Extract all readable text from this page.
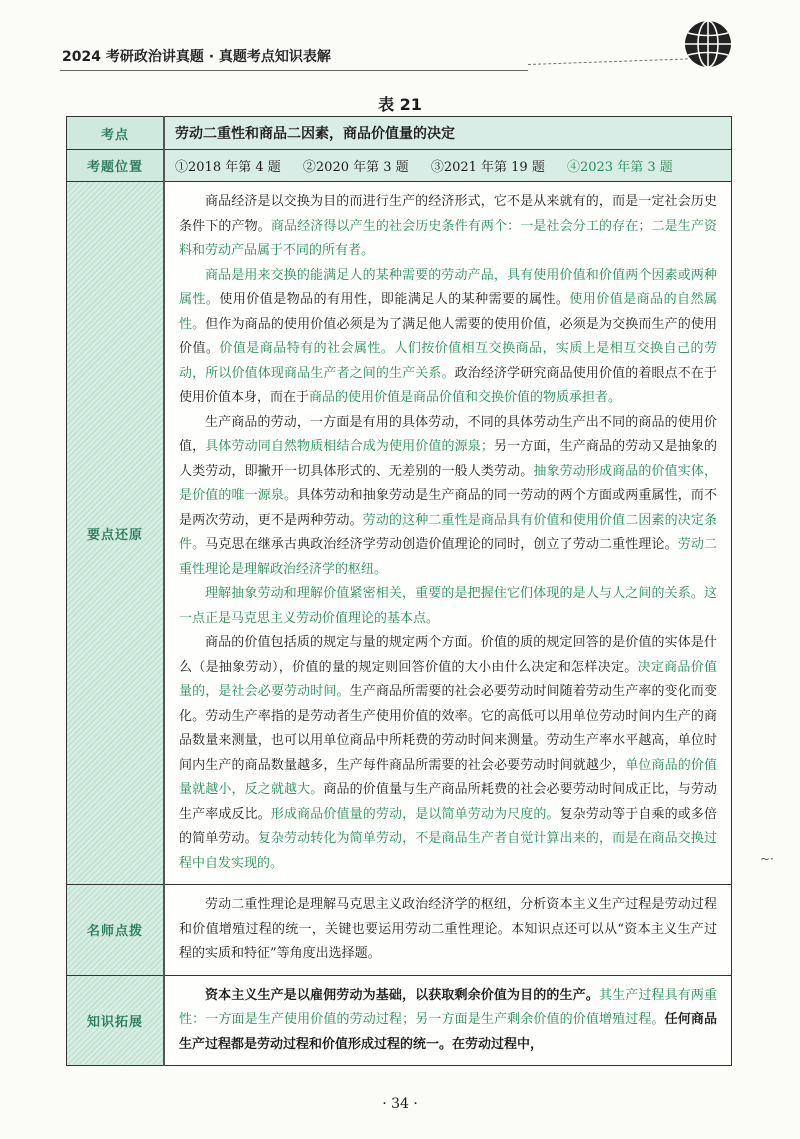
2024 考研政治讲真题 · 真题考点知识表解
表 21
考点	劳动二重性和商品二因素，商品价值量的决定
考题位置	①2018 年第 4 题 ②2020 年第 3 题 ③2021 年第 19 题 ④2023 年第 3 题
要点还原	商品经济是以交换为目的而进行生产的经济形式，它不是从来就有的，而是一定社会历史条件下的产物。商品经济得以产生的社会历史条件有两个：一是社会分工的存在；二是生产资料和劳动产品属于不同的所有者。

商品是用来交换的能满足人的某种需要的劳动产品，具有使用价值和价值两个因素或两种属性。使用价值是物品的有用性，即能满足人的某种需要的属性。使用价值是商品的自然属性。但作为商品的使用价值必须是为了满足他人需要的使用价值，必须是为交换而生产的使用价值。价值是商品特有的社会属性。人们按价值相互交换商品，实质上是相互交换自己的劳动，所以价值体现商品生产者之间的生产关系。政治经济学研究商品使用价值的着眼点不在于使用价值本身，而在于商品的使用价值是商品价值和交换价值的物质承担者。

生产商品的劳动，一方面是有用的具体劳动，不同的具体劳动生产出不同的商品的使用价值，具体劳动同自然物质相结合成为使用价值的源泉；另一方面，生产商品的劳动又是抽象的人类劳动，即撇开一切具体形式的、无差别的一般人类劳动。抽象劳动形成商品的价值实体，是价值的唯一源泉。具体劳动和抽象劳动是生产商品的同一劳动的两个方面或两重属性，而不是两次劳动，更不是两种劳动。劳动的这种二重性是商品具有价值和使用价值二因素的决定条件。马克思在继承古典政治经济学劳动创造价值理论的同时，创立了劳动二重性理论。劳动二重性理论是理解政治经济学的枢纽。

理解抽象劳动和理解价值紧密相关，重要的是把握住它们体现的是人与人之间的关系。这一点正是马克思主义劳动价值理论的基本点。

商品的价值包括质的规定与量的规定两个方面。价值的质的规定回答的是价值的实体是什么（是抽象劳动），价值的量的规定则回答价值的大小由什么决定和怎样决定。决定商品价值量的，是社会必要劳动时间。生产商品所需要的社会必要劳动时间随着劳动生产率的变化而变化。劳动生产率指的是劳动者生产使用价值的效率。它的高低可以用单位劳动时间内生产的商品数量来测量，也可以用单位商品中所耗费的劳动时间来测量。劳动生产率水平越高，单位时间内生产的商品数量越多，生产每件商品所需要的社会必要劳动时间就越少，单位商品的价值量就越小，反之就越大。商品的价值量与生产商品所耗费的社会必要劳动时间成正比，与劳动生产率成反比。形成商品价值量的劳动，是以简单劳动为尺度的。复杂劳动等于自乘的或多倍的简单劳动。复杂劳动转化为简单劳动，不是商品生产者自觉计算出来的，而是在商品交换过程中自发实现的。

名师点拨	劳动二重性理论是理解马克思主义政治经济学的枢纽，分析资本主义生产过程是劳动过程和价值增殖过程的统一，关键也要运用劳动二重性理论。本知识点还可以从“资本主义生产过程的实质和特征”等角度出选择题。

知识拓展	资本主义生产是以雇佣劳动为基础，以获取剩余价值为目的的生产。其生产过程具有两重性：一方面是生产使用价值的劳动过程；另一方面是生产剩余价值的价值增殖过程。任何商品生产过程都是劳动过程和价值形成过程的统一。在劳动过程中，

· 34 ·
~·
